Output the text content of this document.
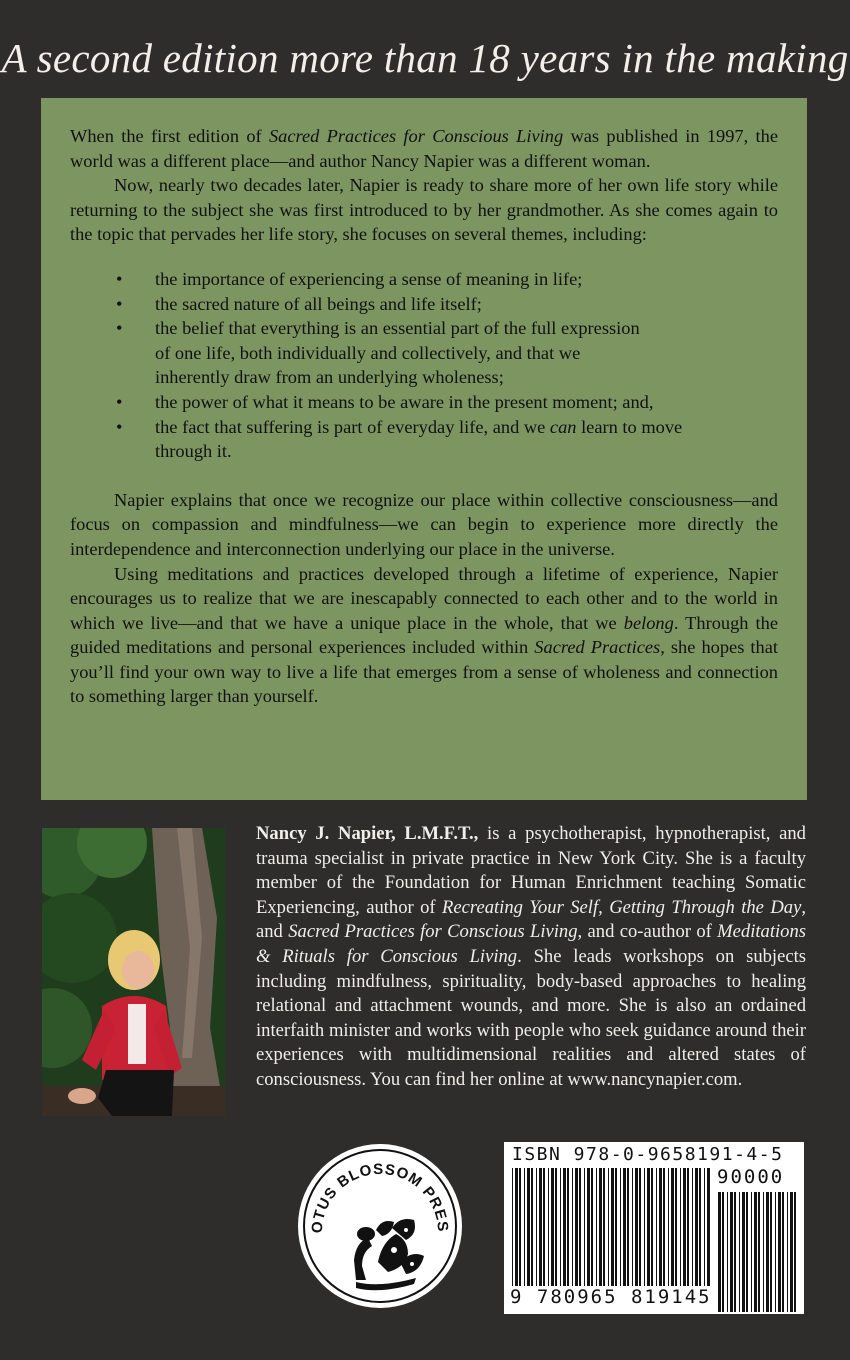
A second edition more than 18 years in the making

When the first edition of Sacred Practices for Conscious Living was published in 1997, the world was a different place—and author Nancy Napier was a different woman.

Now, nearly two decades later, Napier is ready to share more of her own life story while returning to the subject she was first introduced to by her grandmother. As she comes again to the topic that pervades her life story, she focuses on several themes, including:

• the importance of experiencing a sense of meaning in life;
• the sacred nature of all beings and life itself;
• the belief that everything is an essential part of the full expression of one life, both individually and collectively, and that we inherently draw from an underlying wholeness;
• the power of what it means to be aware in the present moment; and,
• the fact that suffering is part of everyday life, and we can learn to move through it.

Napier explains that once we recognize our place within collective consciousness—and focus on compassion and mindfulness—we can begin to experience more directly the interdependence and interconnection underlying our place in the universe.

Using meditations and practices developed through a lifetime of experience, Napier encourages us to realize that we are inescapably connected to each other and to the world in which we live—and that we have a unique place in the whole, that we belong. Through the guided meditations and personal experiences included within Sacred Practices, she hopes that you’ll find your own way to live a life that emerges from a sense of wholeness and connection to something larger than yourself.

Nancy J. Napier, L.M.F.T., is a psychotherapist, hypnotherapist, and trauma specialist in private practice in New York City. She is a faculty member of the Foundation for Human Enrichment teaching Somatic Experiencing, author of Recreating Your Self, Getting Through the Day, and Sacred Practices for Conscious Living, and co-author of Meditations & Rituals for Conscious Living. She leads workshops on subjects including mindfulness, spirituality, body-based approaches to healing relational and attachment wounds, and more. She is also an ordained interfaith minister and works with people who seek guidance around their experiences with multidimensional realities and altered states of consciousness. You can find her online at www.nancynapier.com.
OTUS BLOSSOM PRES
ISBN 978-0-9658191-4-5
90000
9 780965 819145
